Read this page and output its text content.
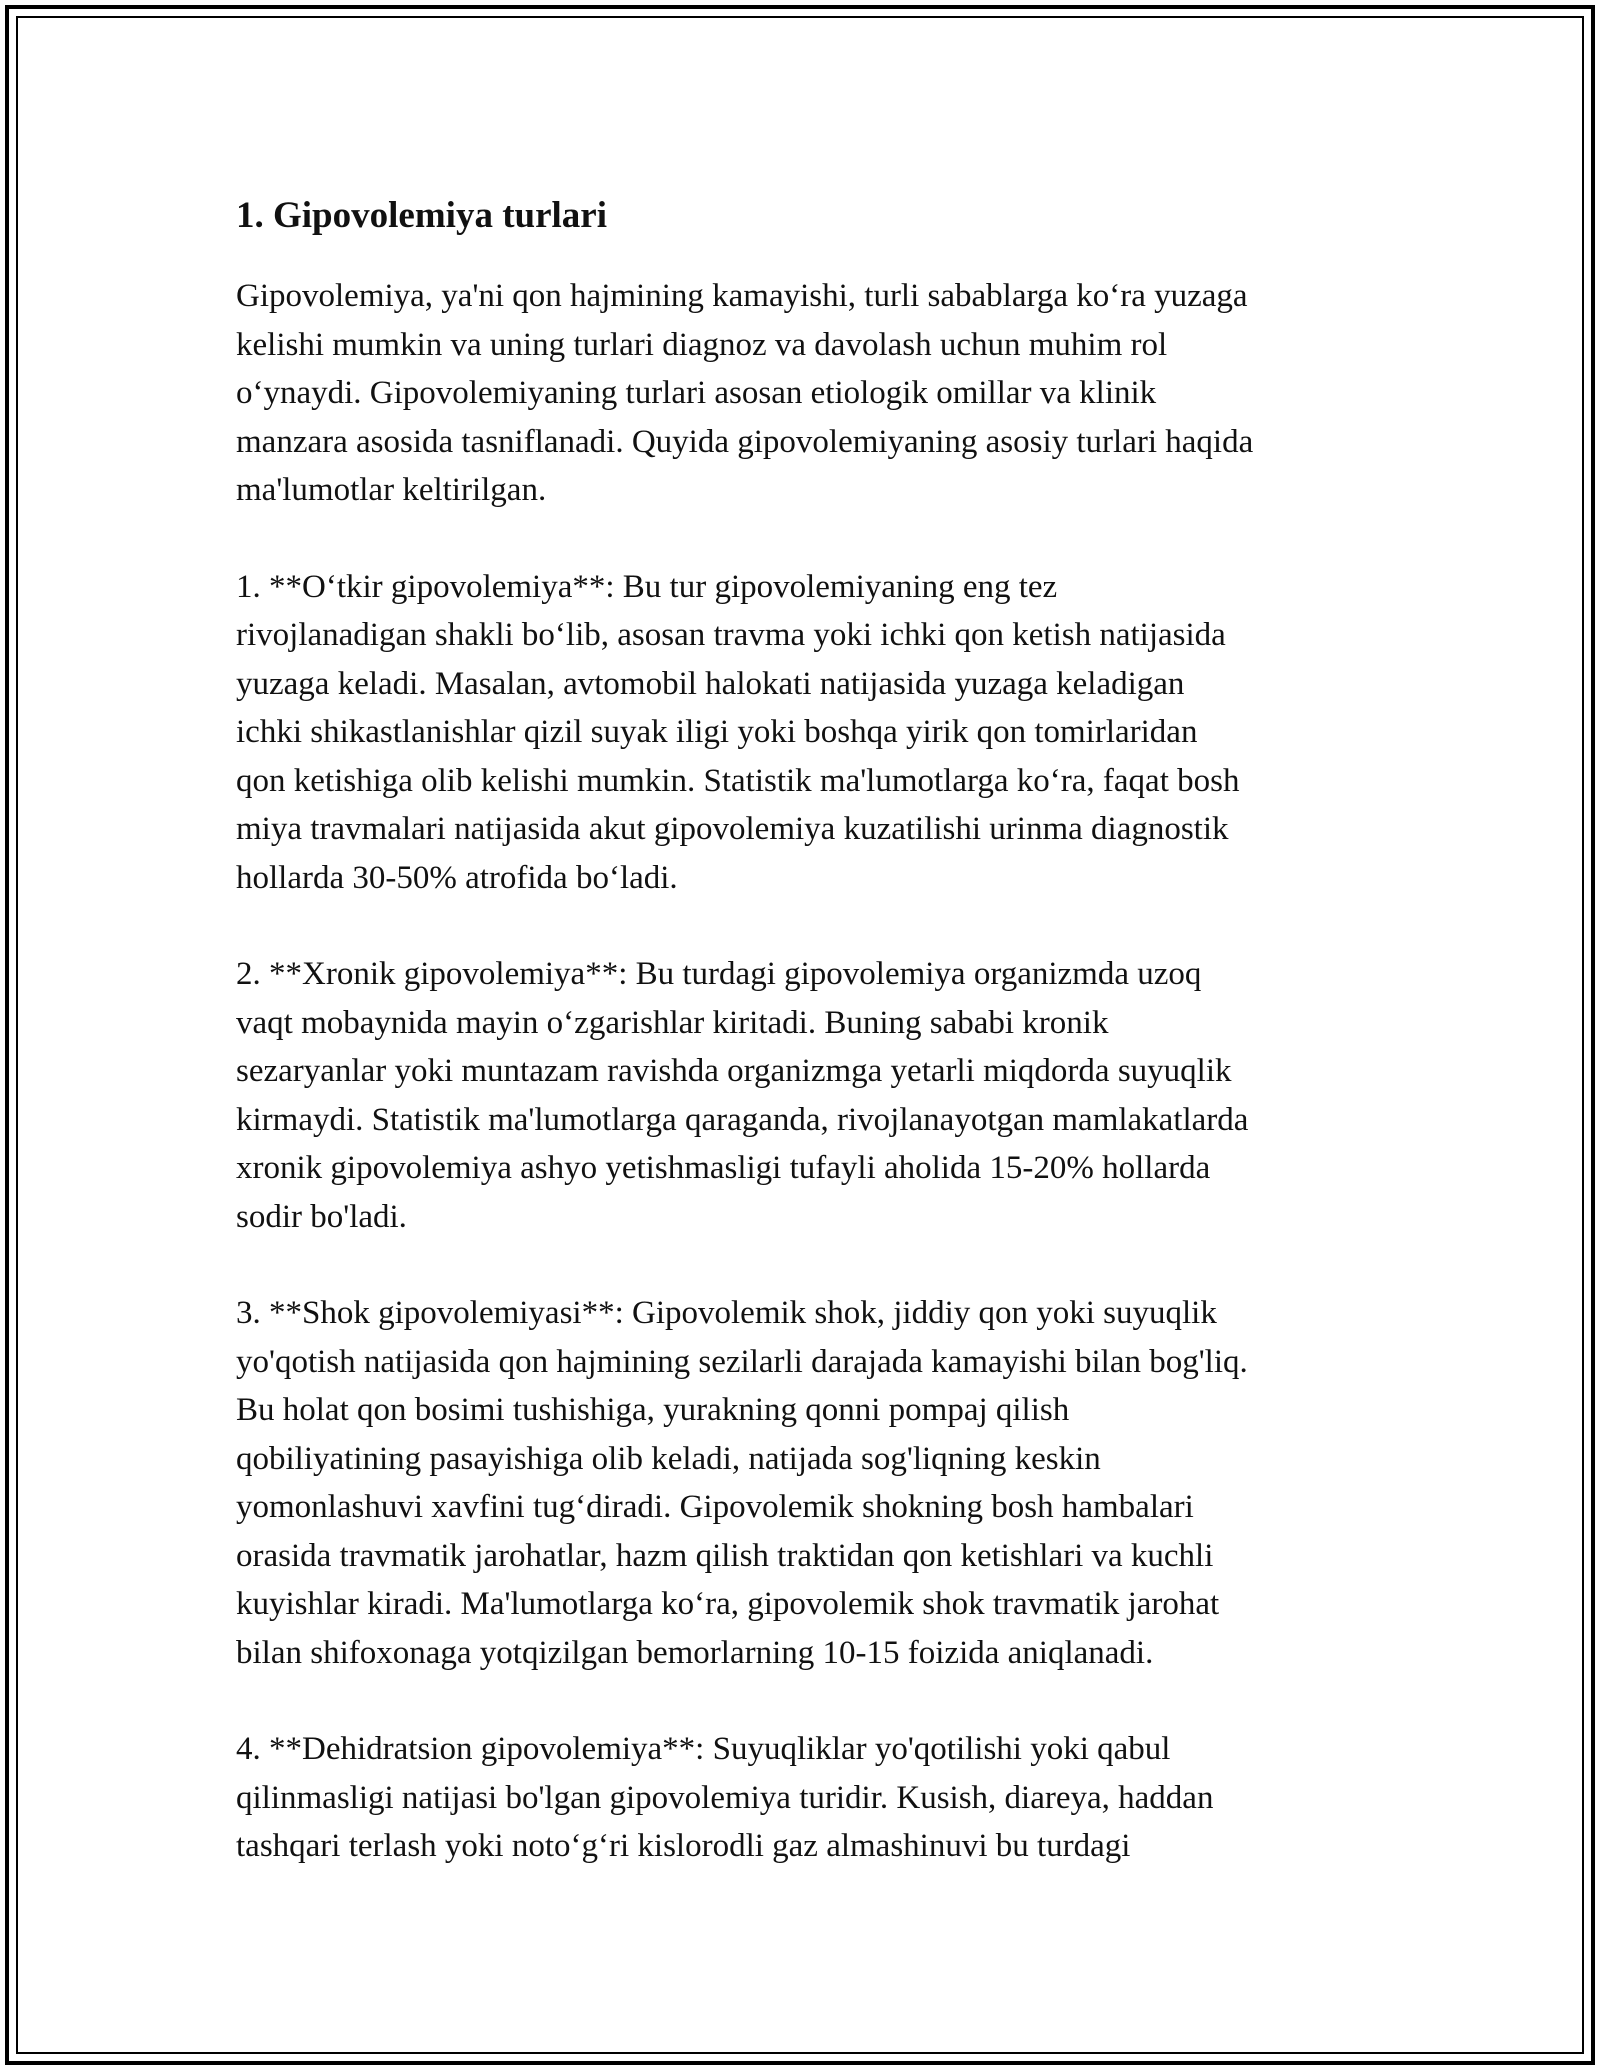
1. Gipovolemiya turlari

Gipovolemiya, ya'ni qon hajmining kamayishi, turli sabablarga ko‘ra yuzaga
kelishi mumkin va uning turlari diagnoz va davolash uchun muhim rol
o‘ynaydi. Gipovolemiyaning turlari asosan etiologik omillar va klinik
manzara asosida tasniflanadi. Quyida gipovolemiyaning asosiy turlari haqida
ma'lumotlar keltirilgan.

1. **O‘tkir gipovolemiya**: Bu tur gipovolemiyaning eng tez
rivojlanadigan shakli bo‘lib, asosan travma yoki ichki qon ketish natijasida
yuzaga keladi. Masalan, avtomobil halokati natijasida yuzaga keladigan
ichki shikastlanishlar qizil suyak iligi yoki boshqa yirik qon tomirlaridan
qon ketishiga olib kelishi mumkin. Statistik ma'lumotlarga ko‘ra, faqat bosh
miya travmalari natijasida akut gipovolemiya kuzatilishi urinma diagnostik
hollarda 30-50% atrofida bo‘ladi.

2. **Xronik gipovolemiya**: Bu turdagi gipovolemiya organizmda uzoq
vaqt mobaynida mayin o‘zgarishlar kiritadi. Buning sababi kronik
sezaryanlar yoki muntazam ravishda organizmga yetarli miqdorda suyuqlik
kirmaydi. Statistik ma'lumotlarga qaraganda, rivojlanayotgan mamlakatlarda
xronik gipovolemiya ashyo yetishmasligi tufayli aholida 15-20% hollarda
sodir bo'ladi.

3. **Shok gipovolemiyasi**: Gipovolemik shok, jiddiy qon yoki suyuqlik
yo'qotish natijasida qon hajmining sezilarli darajada kamayishi bilan bog'liq.
Bu holat qon bosimi tushishiga, yurakning qonni pompaj qilish
qobiliyatining pasayishiga olib keladi, natijada sog'liqning keskin
yomonlashuvi xavfini tug‘diradi. Gipovolemik shokning bosh hambalari
orasida travmatik jarohatlar, hazm qilish traktidan qon ketishlari va kuchli
kuyishlar kiradi. Ma'lumotlarga ko‘ra, gipovolemik shok travmatik jarohat
bilan shifoxonaga yotqizilgan bemorlarning 10-15 foizida aniqlanadi.

4. **Dehidratsion gipovolemiya**: Suyuqliklar yo'qotilishi yoki qabul
qilinmasligi natijasi bo'lgan gipovolemiya turidir. Kusish, diareya, haddan
tashqari terlash yoki noto‘g‘ri kislorodli gaz almashinuvi bu turdagi
